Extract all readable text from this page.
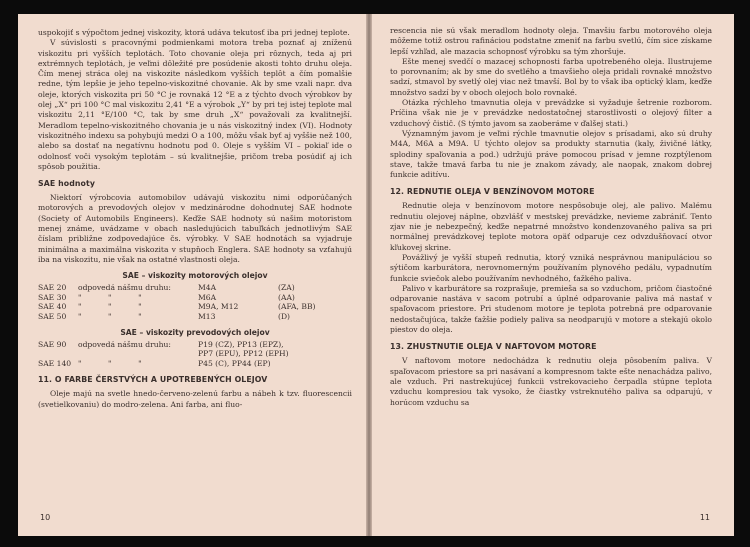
uspokojiť s výpočtom jednej viskozity, ktorá udáva tekutosť iba pri jednej teplote.

V súvislosti s pracovnými podmienkami motora treba poznať aj zníženú viskozitu pri vyšších teplotách. Toto chovanie oleja pri rôznych, teda aj pri extrémnych teplotách, je veľmi dôležité pre posúdenie akosti tohto druhu oleja. Čím menej stráca olej na viskozite následkom vyšších teplôt a čím pomalšie redne, tým lepšie je jeho tepelno-viskozitné chovanie. Ak by sme vzali napr. dva oleje, ktorých viskozita pri 50 °C je rovnaká 12 °E a z týchto dvoch výrobkov by olej „X“ pri 100 °C mal viskozitu 2,41 °E a výrobok „Y“ by pri tej istej teplote mal viskozitu 2,11 °E/100 °C, tak by sme druh „X“ považovali za kvalitnejší. Meradlom tepelno-viskozitného chovania je u nás viskozitný index (VI). Hodnoty viskozitného indexu sa pohybujú medzi O a 100, môžu však byť aj vyššie než 100, alebo sa dostať na negatívnu hodnotu pod 0. Oleje s vyšším VI – pokiaľ ide o odolnosť voči vysokým teplotám – sú kvalitnejšie, pričom treba posúdiť aj ich spôsob použitia.

SAE hodnoty

Niektorí výrobcovia automobilov udávajú viskozitu nimi odporúčaných motorových a prevodových olejov v medzinárodne dohodnutej SAE hodnote (Society of Automobils Engineers). Keďže SAE hodnoty sú našim motoristom menej známe, uvádzame v obach nasledujúcich tabuľkách jednotlivým SAE číslam približne zodpovedajúce čs. výrobky. V SAE hodnotách sa vyjadruje minimálna a maximálna viskozita v stupňoch Englera. SAE hodnoty sa vzťahujú iba na viskozitu, nie však na ostatné vlastnosti oleja.

SAE – viskozity motorových olejov
SAE 20	odpovedá nášmu druhu:	M4A	(ZA)
SAE 30	"           "           "	M6A	(AA)
SAE 40	"           "           "	M9A, M12	(AFA, BB)
SAE 50	"           "           "	M13	(D)
SAE – viskozity prevodových olejov
SAE 90	odpovedá nášmu druhu:	P19 (CZ), PP13 (EPZ),
		PP7 (EPU), PP12 (EPH)
SAE 140	"           "           "	P45 (C), PP44 (EP)
11. O FARBE ČERSTVÝCH A UPOTREBENÝCH OLEJOV

Oleje majú na svetle hnedo-červeno-zelenú farbu a nábeh k tzv. fluorescencii (svetielkovaniu) do modro-zelena. Ani farba, ani fluo-

10

rescencia nie sú však meradlom hodnoty oleja. Tmavšiu farbu motorového oleja môžeme totiž ostrou rafináciou podstatne zmeniť na farbu svetlú, čím sice získame lepší vzhľad, ale mazacia schopnosť výrobku sa tým zhoršuje.

Ešte menej svedčí o mazacej schopnosti farba upotrebeného oleja. Ilustrujeme to porovnaním; ak by sme do svetlého a tmavšieho oleja pridali rovnaké množstvo sadzí, stmavol by svetlý olej viac než tmavší. Bol by to však iba optický klam, keďže množstvo sadzí by v oboch olejoch bolo rovnaké.

Otázka rýchleho tmavnutia oleja v prevádzke si vyžaduje šetrenie rozborom. Príčina však nie je v prevádzke nedostatočnej starostlivosti o olejový filter a vzduchový čistič. (S týmto javom sa zaoberáme v ďalšej stati.)

Významným javom je veľmi rýchle tmavnutie olejov s prísadami, ako sú druhy M4A, M6A a M9A. U týchto olejov sa produkty starnutia (kaly, živičné látky, splodiny spaľovania a pod.) udržujú práve pomocou prísad v jemne rozptýlenom stave, takže tmavá farba tu nie je znakom závady, ale naopak, znakom dobrej funkcie aditívu.

12. REDNUTIE OLEJA V BENZÍNOVOM MOTORE

Rednutie oleja v benzínovom motore nespôsobuje olej, ale palivo. Malému rednutiu olejovej náplne, obzvlášť v mestskej prevádzke, nevieme zabrániť. Tento zjav nie je nebezpečný, keďže nepatrné množstvo kondenzovaného paliva sa pri normálnej prevádzkovej teplote motora opäť odparuje cez odvzdušňovací otvor kľukovej skrine.

Povážlivý je vyšší stupeň rednutia, ktorý vzniká nesprávnou manipuláciou so sýtičom karburátora, nerovnomerným používaním plynového pedálu, vypadnutím funkcie sviečok alebo používaním nevhodného, ťažkého paliva.

Palivo v karburátore sa rozprašuje, premieša sa so vzduchom, pričom čiastočné odparovanie nastáva v sacom potrubí a úplné odparovanie paliva má nastať v spaľovacom priestore. Pri studenom motore je teplota potrebná pre odparovanie nedostačujúca, takže ťažšie podiely paliva sa neodparujú v motore a stekajú okolo piestov do oleja.

13. ZHUSTNUTIE OLEJA V NAFTOVOM MOTORE

V naftovom motore nedochádza k rednutiu oleja pôsobením paliva. V spaľovacom priestore sa pri nasávaní a kompresnom takte ešte nenachádza palivo, ale vzduch. Pri nastrekujúcej funkcii vstrekovacieho čerpadla stúpne teplota vzduchu kompresiou tak vysoko, že čiastky vstreknutého paliva sa odparujú, v horúcom vzduchu sa

11
